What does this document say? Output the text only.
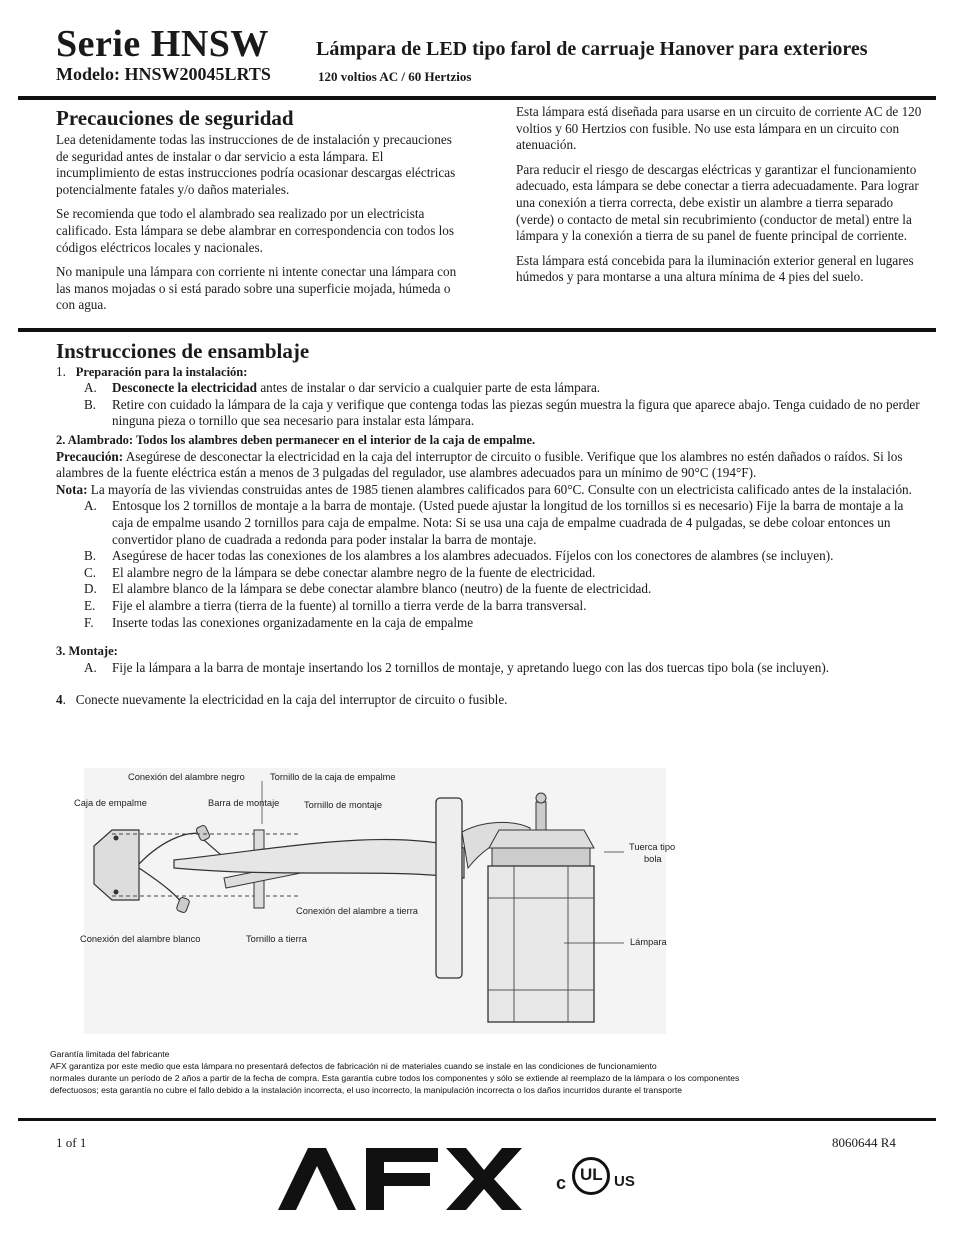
Serie HNSW
Modelo: HNSW20045LRTS
Lámpara de LED tipo farol de carruaje Hanover para exteriores
120 voltios AC / 60 Hertzios
Precauciones de seguridad

Lea detenidamente todas las instrucciones de de instalación y precauciones de seguridad antes de instalar o dar servicio a esta lámpara. El incumplimiento de estas instrucciones podría ocasionar descargas eléctricas potencialmente fatales y/o daños materiales.

Se recomienda que todo el alambrado sea realizado por un electricista calificado. Esta lámpara se debe alambrar en correspondencia con todos los códigos eléctricos locales y nacionales.

No manipule una lámpara con corriente ni intente conectar una lámpara con las manos mojadas o si está parado sobre una superficie mojada, húmeda o con agua.

Esta lámpara está diseñada para usarse en un circuito de corriente AC de 120 voltios y 60 Hertzios con fusible. No use esta lámpara en un circuito con atenuación.

Para reducir el riesgo de descargas eléctricas y garantizar el funcionamiento adecuado, esta lámpara se debe conectar a tierra adecuadamente. Para lograr una conexión a tierra correcta, debe existir un alambre a tierra separado (verde) o contacto de metal sin recubrimiento (conductor de metal) entre la lámpara y la conexión a tierra de su panel de fuente principal de corriente.

Esta lámpara está concebida para la iluminación exterior general en lugares húmedos y para montarse a una altura mínima de 4 pies del suelo.

Instrucciones de ensamblaje
1. Preparación para la instalación:
A.	Desconecte la electricidad antes de instalar o dar servicio a cualquier parte de esta lámpara.
B.	Retire con cuidado la lámpara de la caja y verifique que contenga todas las piezas según muestra la figura que aparece abajo. Tenga cuidado de no perder ninguna pieza o tornillo que sea necesario para instalar esta lámpara.
2. Alambrado: Todos los alambres deben permanecer en el interior de la caja de empalme.
Precaución: Asegúrese de desconectar la electricidad en la caja del interruptor de circuito o fusible. Verifique que los alambres no estén dañados o raídos. Si los alambres de la fuente eléctrica están a menos de 3 pulgadas del regulador, use alambres adecuados para un mínimo de 90°C (194°F).
Nota: La mayoría de las viviendas construidas antes de 1985 tienen alambres calificados para 60°C. Consulte con un electricista calificado antes de la instalación.
A.	Entosque los 2 tornillos de montaje a la barra de montaje. (Usted puede ajustar la longitud de los tornillos si es necesario) Fije la barra de montaje a la caja de empalme usando 2 tornillos para caja de empalme. Nota: Si se usa una caja de empalme cuadrada de 4 pulgadas, se debe coloar entonces un convertidor plano de cuadrada a redonda para poder instalar la barra de montaje.
B.	Asegúrese de hacer todas las conexiones de los alambres a los alambres adecuados. Fíjelos con los conectores de alambres (se incluyen).
C.	El alambre negro de la lámpara se debe conectar alambre negro de la fuente de electricidad.
D.	El alambre blanco de la lámpara se debe conectar alambre blanco (neutro) de la fuente de electricidad.
E.	Fije el alambre a tierra (tierra de la fuente) al tornillo a tierra verde de la barra transversal.
F.	Inserte todas las conexiones organizadamente en la caja de empalme
3. Montaje:
A.	Fije la lámpara a la barra de montaje insertando los 2 tornillos de montaje, y apretando luego con las dos tuercas tipo bola (se incluyen).
4.   Conecte nuevamente la electricidad en la caja del interruptor de circuito o fusible.
Conexión del alambre negro	Tornillo de la caja de empalme
Caja de empalme	Barra de montaje	Tornillo de montaje
Tuerca tipo
bola
Conexión del alambre a tierra
Conexión del alambre blanco	Tornillo a tierra	Lámpara
Garantía limitada del fabricante
AFX garantiza por este medio que esta lámpara no presentará defectos de fabricación ni de materiales cuando se instale en las condiciones de funcionamiento
normales durante un período de 2 años a partir de la fecha de compra. Esta garantía cubre todos los componentes y sólo se extiende al reemplazo de la lámpara o los componentes
defectuosos; esta garantía no cubre el fallo debido a la instalación incorrecta, el uso incorrecto, la manipulación incorrecta o los daños incurridos durante el transporte
1 of 1	8060644 R4
c UL US
